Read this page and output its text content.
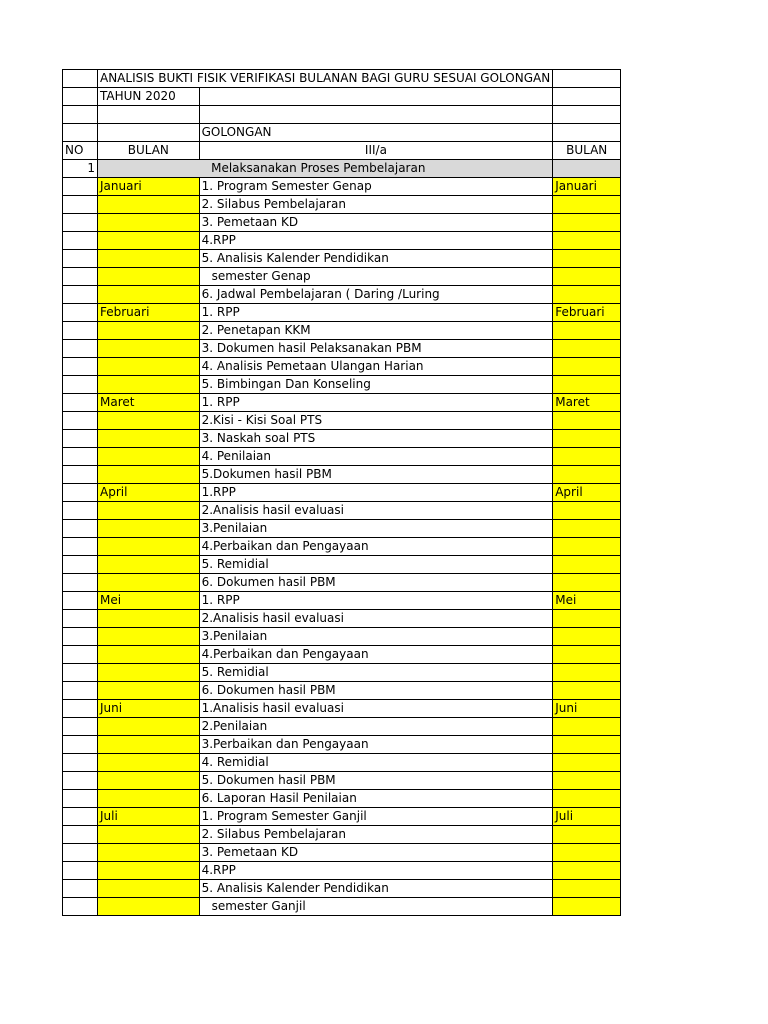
	ANALISIS BUKTI FISIK VERIFIKASI BULANAN BAGI GURU SESUAI GOLONGAN		
	TAHUN 2020		

		GOLONGAN	
NO	BULAN	III/a	BULAN
1		Melaksanakan Proses Pembelajaran	
	Januari	1. Program Semester Genap	Januari
		2. Silabus Pembelajaran	
		3. Pemetaan KD	
		4.RPP	
		5. Analisis Kalender Pendidikan	
		semester Genap	
		6. Jadwal Pembelajaran ( Daring /Luring	
	Februari	1. RPP	Februari
		2. Penetapan KKM	
		3. Dokumen hasil Pelaksanakan PBM	
		4. Analisis Pemetaan Ulangan Harian	
		5. Bimbingan Dan Konseling	
	Maret	1. RPP	Maret
		2.Kisi - Kisi Soal PTS	
		3. Naskah soal PTS	
		4. Penilaian	
		5.Dokumen hasil PBM	
	April	1.RPP	April
		2.Analisis hasil evaluasi	
		3.Penilaian	
		4.Perbaikan dan Pengayaan	
		5. Remidial	
		6. Dokumen hasil PBM	
	Mei	1. RPP	Mei
		2.Analisis hasil evaluasi	
		3.Penilaian	
		4.Perbaikan dan Pengayaan	
		5. Remidial	
		6. Dokumen hasil PBM	
	Juni	1.Analisis hasil evaluasi	Juni
		2.Penilaian	
		3.Perbaikan dan Pengayaan	
		4. Remidial	
		5. Dokumen hasil PBM	
		6. Laporan Hasil Penilaian	
	Juli	1. Program Semester Ganjil	Juli
		2. Silabus Pembelajaran	
		3. Pemetaan KD	
		4.RPP	
		5. Analisis Kalender Pendidikan	
		semester Ganjil	
